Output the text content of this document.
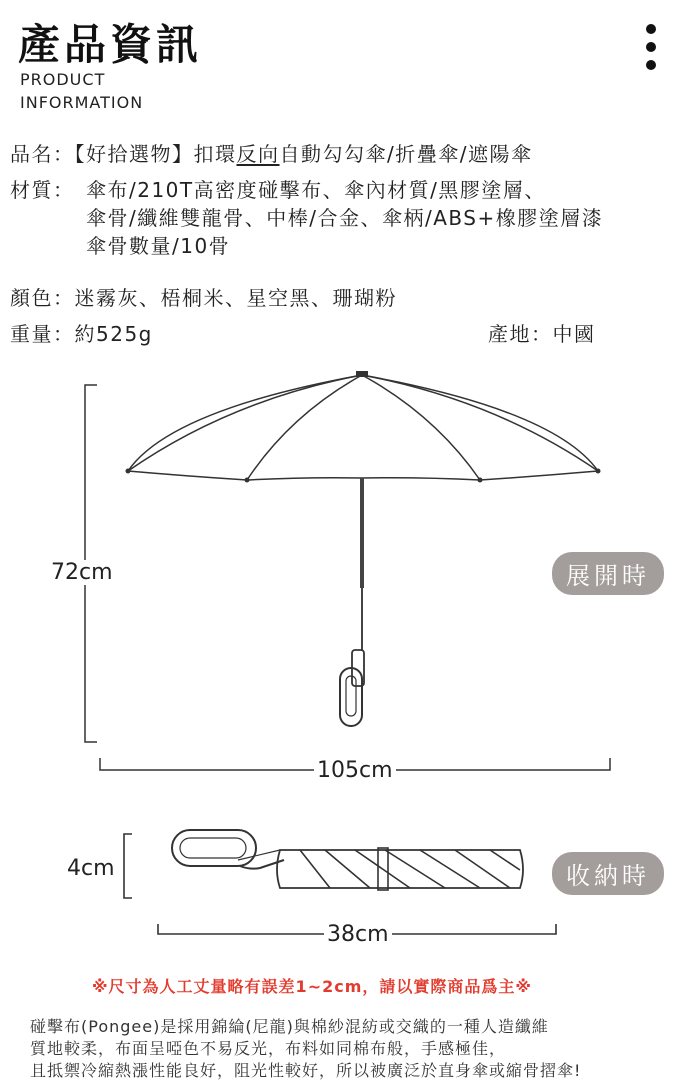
產品資訊
PRODUCT
INFORMATION
品名：【好拾選物】扣環反向自動勾勾傘/折疊傘/遮陽傘
材質： 傘布/210T高密度碰擊布、傘內材質/黑膠塗層、
傘骨/纖維雙龍骨、中棒/合金、傘柄/ABS+橡膠塗層漆
傘骨數量/10骨
顏色：迷霧灰、梧桐米、星空黑、珊瑚粉
重量：約525g	產地：中國
72cm
105cm
展開時
4cm
38cm
收納時
※尺寸為人工丈量略有誤差1~2cm，請以實際商品爲主※
碰擊布(Pongee)是採用錦綸(尼龍)與棉紗混紡或交織的一種人造纖維
質地較柔，布面呈啞色不易反光，布料如同棉布般，手感極佳，
且抵禦冷縮熱漲性能良好，阻光性較好，所以被廣泛於直身傘或縮骨摺傘!
